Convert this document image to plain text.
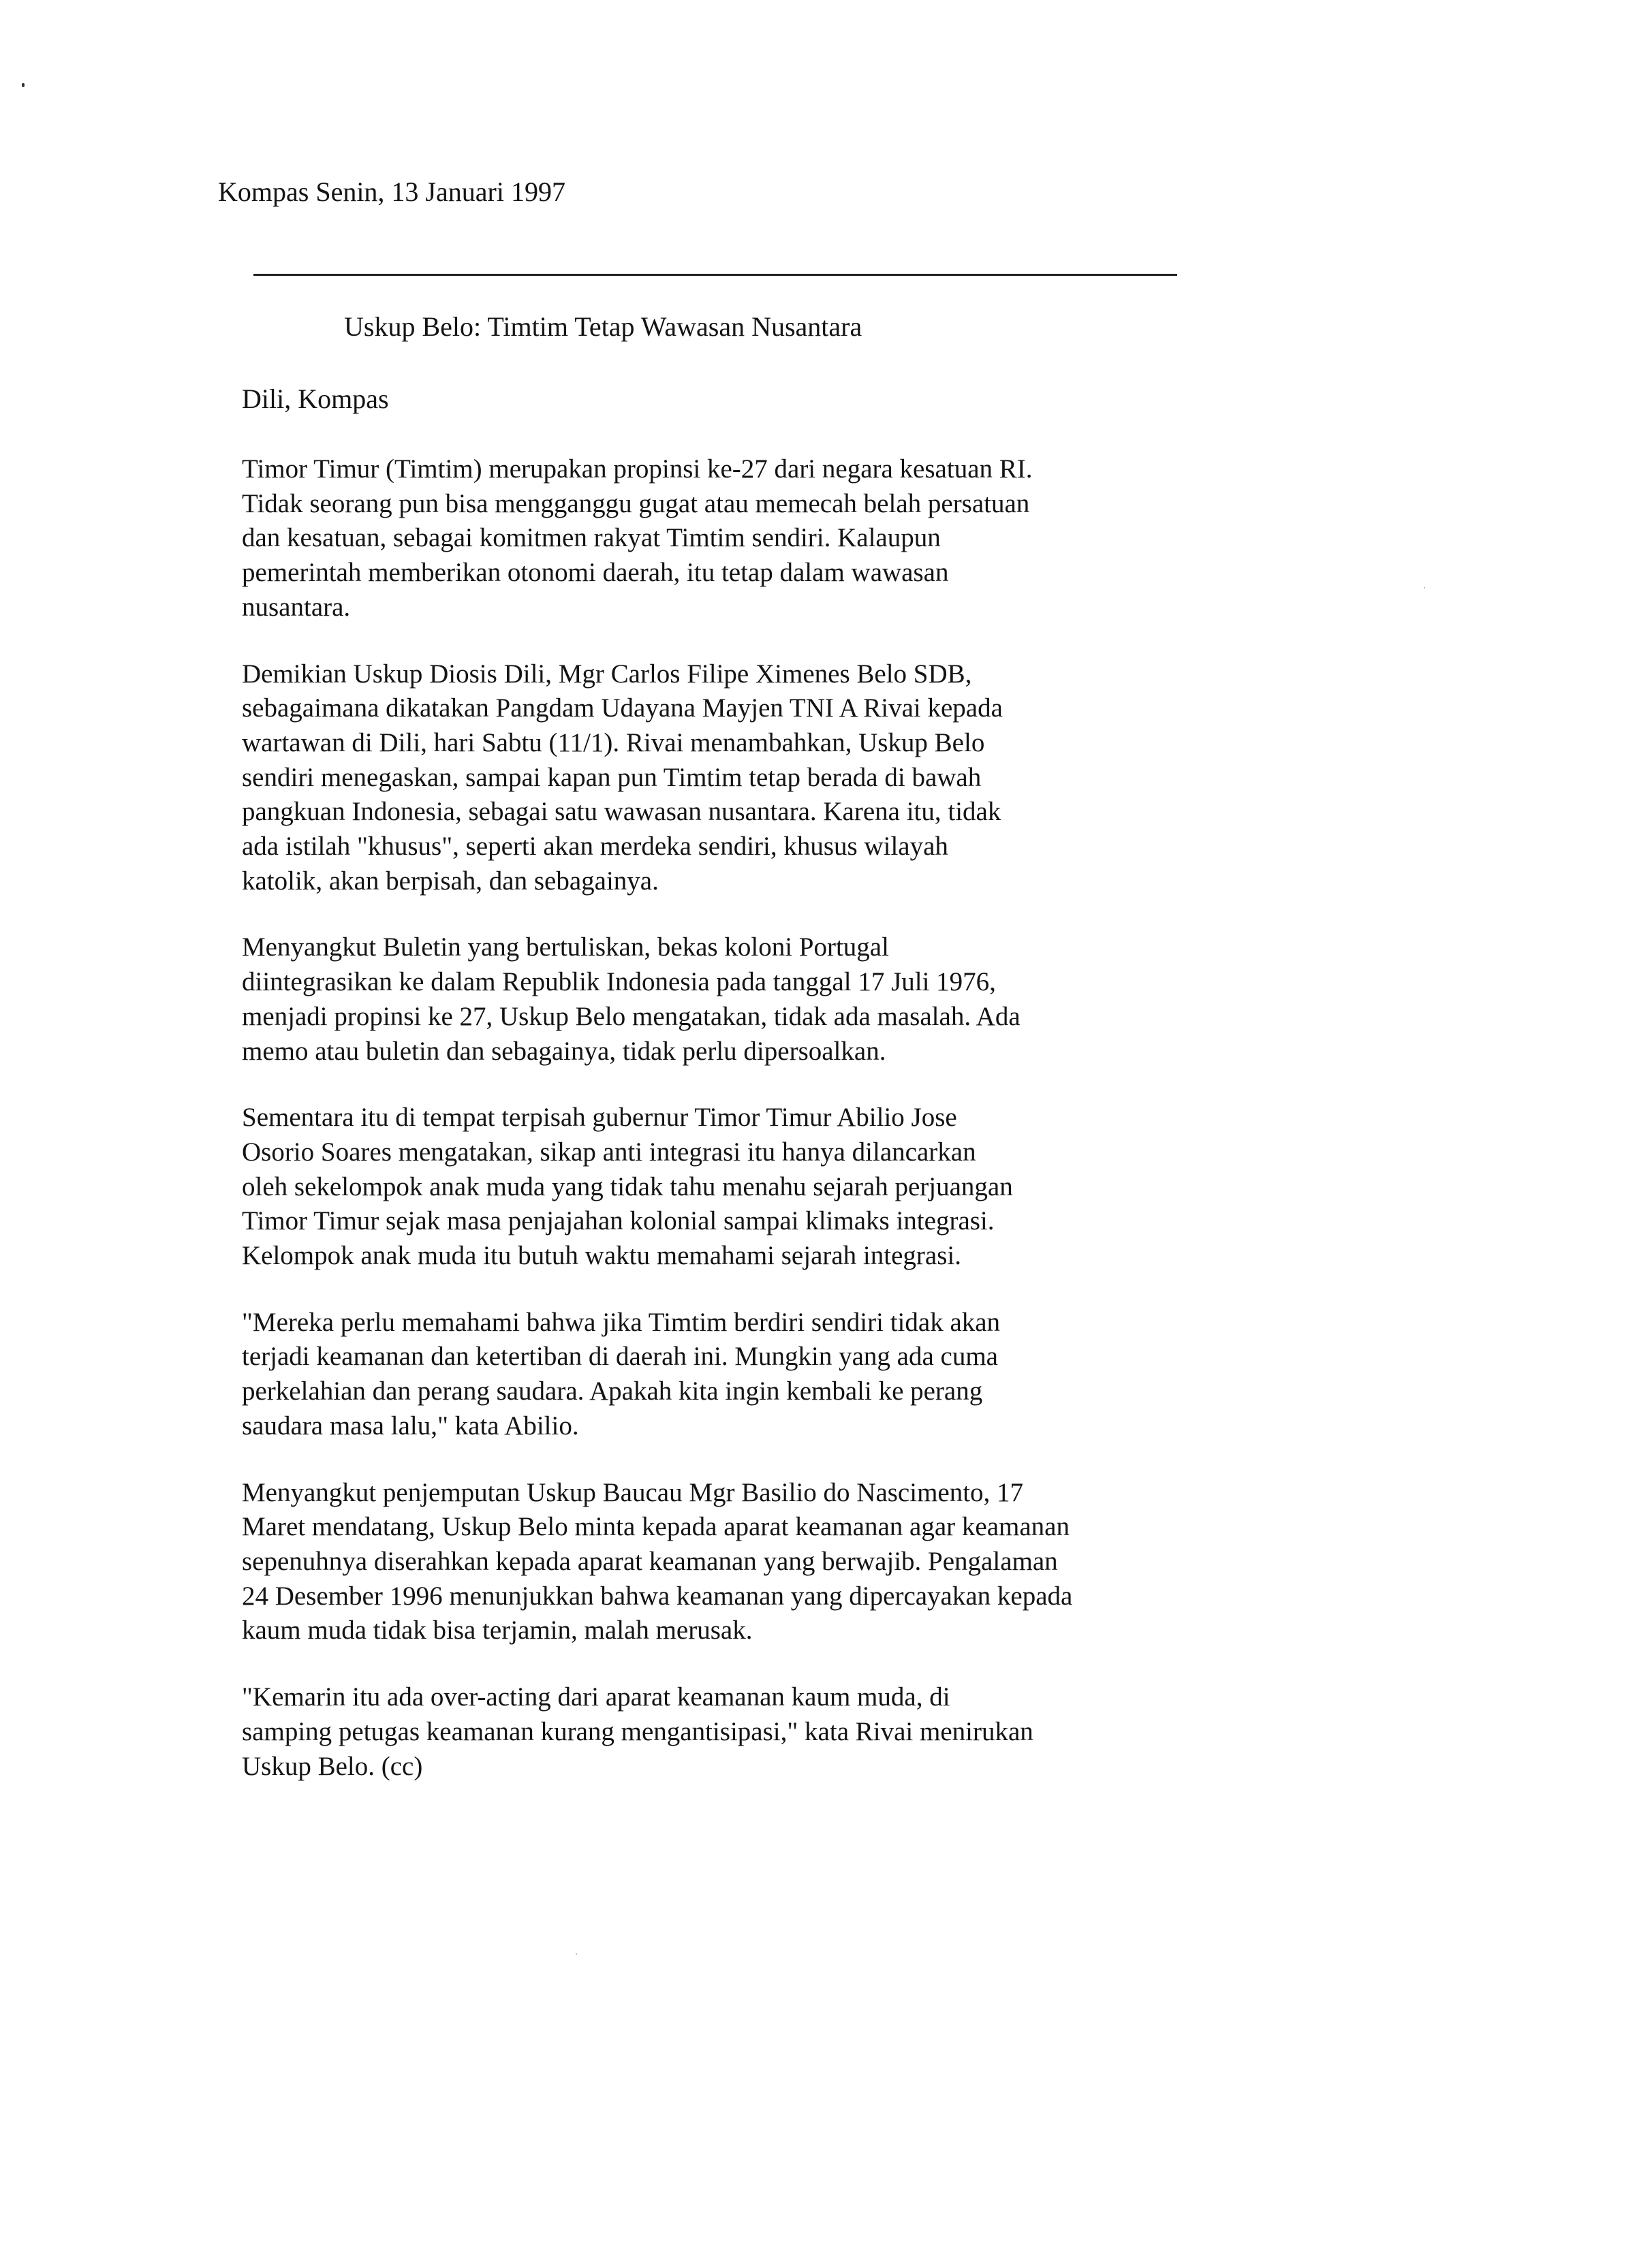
Kompas Senin, 13 Januari 1997
Uskup Belo: Timtim Tetap Wawasan Nusantara
Dili, Kompas
Timor Timur (Timtim) merupakan propinsi ke-27 dari negara kesatuan RI.
Tidak seorang pun bisa mengganggu gugat atau memecah belah persatuan
dan kesatuan, sebagai komitmen rakyat Timtim sendiri. Kalaupun
pemerintah memberikan otonomi daerah, itu tetap dalam wawasan
nusantara.
Demikian Uskup Diosis Dili, Mgr Carlos Filipe Ximenes Belo SDB,
sebagaimana dikatakan Pangdam Udayana Mayjen TNI A Rivai kepada
wartawan di Dili, hari Sabtu (11/1). Rivai menambahkan, Uskup Belo
sendiri menegaskan, sampai kapan pun Timtim tetap berada di bawah
pangkuan Indonesia, sebagai satu wawasan nusantara. Karena itu, tidak
ada istilah "khusus", seperti akan merdeka sendiri, khusus wilayah
katolik, akan berpisah, dan sebagainya.
Menyangkut Buletin yang bertuliskan, bekas koloni Portugal
diintegrasikan ke dalam Republik Indonesia pada tanggal 17 Juli 1976,
menjadi propinsi ke 27, Uskup Belo mengatakan, tidak ada masalah. Ada
memo atau buletin dan sebagainya, tidak perlu dipersoalkan.
Sementara itu di tempat terpisah gubernur Timor Timur Abilio Jose
Osorio Soares mengatakan, sikap anti integrasi itu hanya dilancarkan
oleh sekelompok anak muda yang tidak tahu menahu sejarah perjuangan
Timor Timur sejak masa penjajahan kolonial sampai klimaks integrasi.
Kelompok anak muda itu butuh waktu memahami sejarah integrasi.
"Mereka perlu memahami bahwa jika Timtim berdiri sendiri tidak akan
terjadi keamanan dan ketertiban di daerah ini. Mungkin yang ada cuma
perkelahian dan perang saudara. Apakah kita ingin kembali ke perang
saudara masa lalu," kata Abilio.
Menyangkut penjemputan Uskup Baucau Mgr Basilio do Nascimento, 17
Maret mendatang, Uskup Belo minta kepada aparat keamanan agar keamanan
sepenuhnya diserahkan kepada aparat keamanan yang berwajib. Pengalaman
24 Desember 1996 menunjukkan bahwa keamanan yang dipercayakan kepada
kaum muda tidak bisa terjamin, malah merusak.
"Kemarin itu ada over-acting dari aparat keamanan kaum muda, di
samping petugas keamanan kurang mengantisipasi," kata Rivai menirukan
Uskup Belo. (cc)
